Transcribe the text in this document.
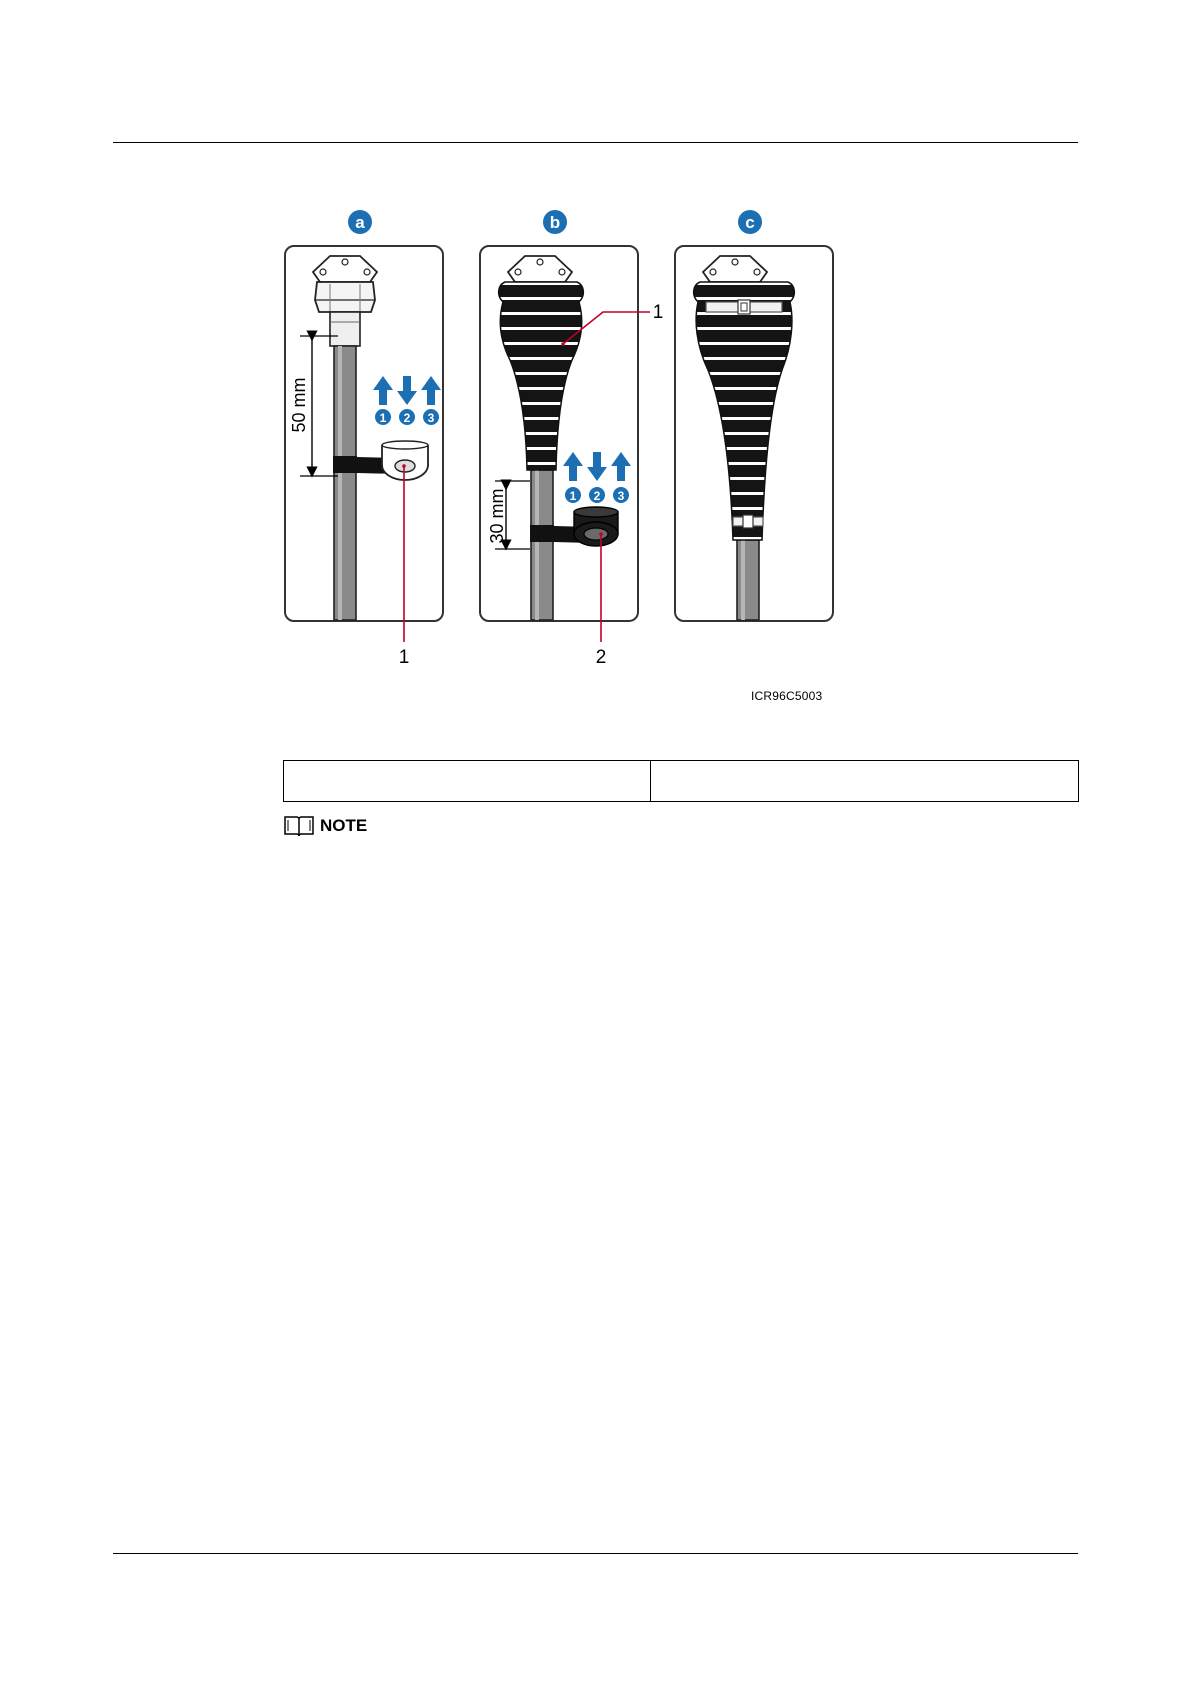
a	b	c
50 mm	1 2 3
30 mm	1 2 3
1
1
2
ICR96C5003

NOTE
